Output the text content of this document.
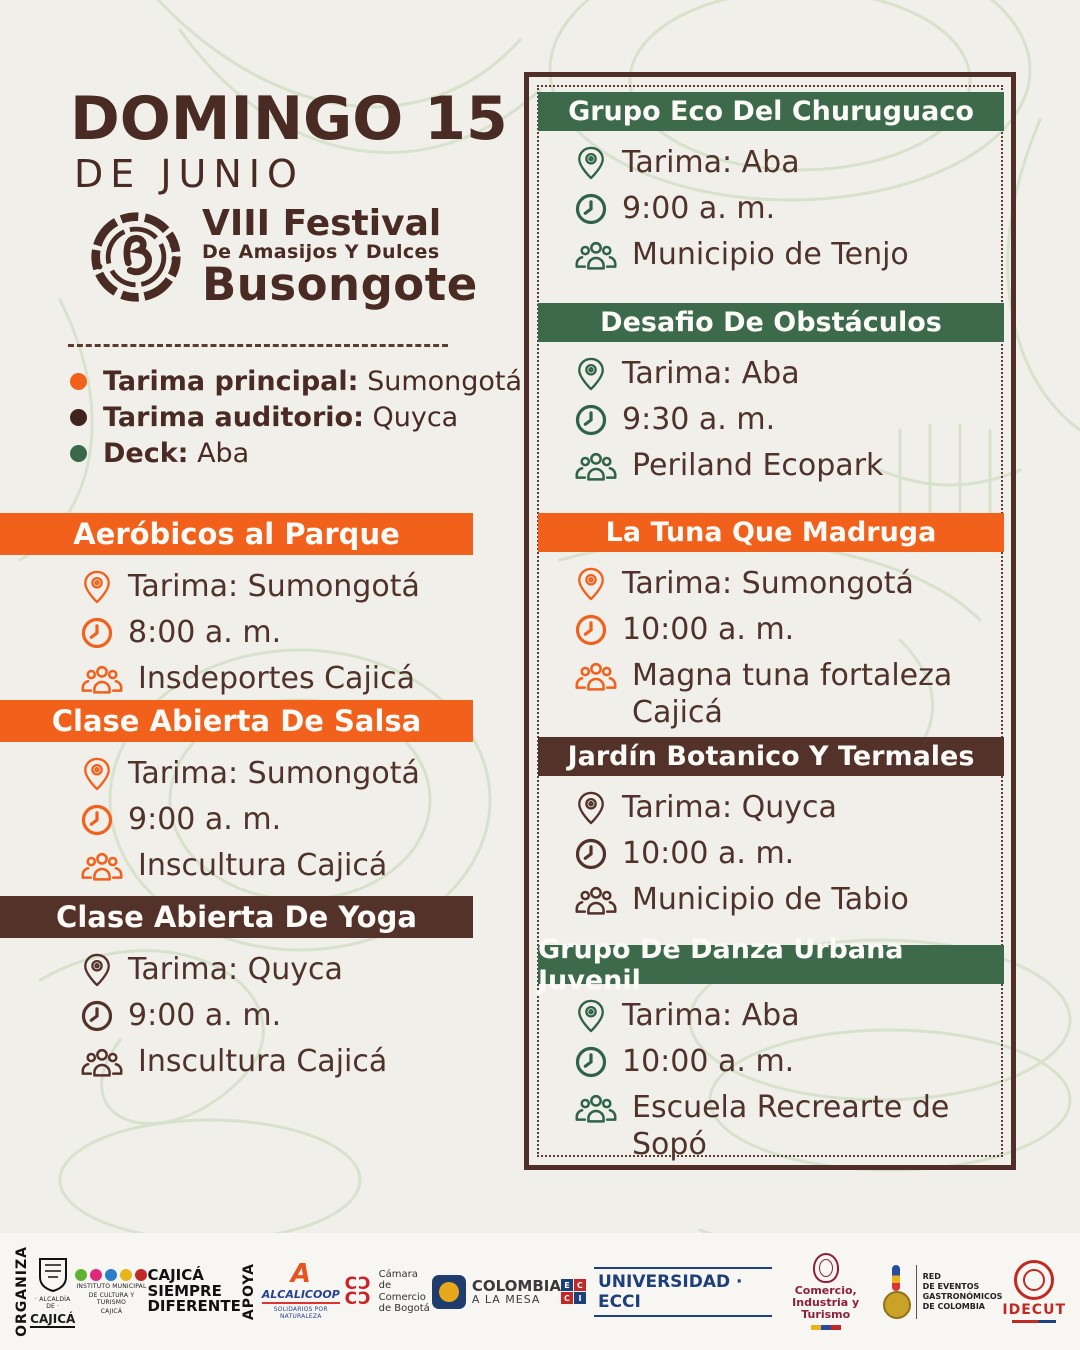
DOMINGO 15
DE JUNIO
VIII Festival
De Amasijos Y Dulces
Busongote
Tarima principal: Sumongotá
Tarima auditorio: Quyca
Deck: Aba
Aeróbicos al Parque
Tarima: Sumongotá
8:00 a. m.
Insdeportes Cajicá
Clase Abierta De Salsa
Tarima: Sumongotá
9:00 a. m.
Inscultura Cajicá
Clase Abierta De Yoga
Tarima: Quyca
9:00 a. m.
Inscultura Cajicá
Grupo Eco Del Churuguaco
Tarima: Aba
9:00 a. m.
Municipio de Tenjo
Desafio De Obstáculos
Tarima: Aba
9:30 a. m.
Periland Ecopark
La Tuna Que Madruga
Tarima: Sumongotá
10:00 a. m.
Magna tuna fortaleza Cajicá
Jardín Botanico Y Termales
Tarima: Quyca
10:00 a. m.
Municipio de Tabio
Grupo De Danza Urbana Juvenil
Tarima: Aba
10:00 a. m.
Escuela Recrearte de Sopó
ORGANIZA · ALCALDÍA DE ·
CAJICÁ
INSTITUTO MUNICIPAL
DE CULTURA Y TURISMO
CAJICÁ
CAJICÁ
SIEMPRE
DIFERENTE APOYA A
ALCALICOOP
SOLIDARIOS POR NATURALEZA
CƆ
CƆ
Cámara
de Comercio
de Bogotá
COLOMBIA
A LA MESA
E C
C	I
UNIVERSIDAD · ECCI
Comercio,
Industria y Turismo
RED
DE EVENTOS
GASTRONÓMICOS
DE COLOMBIA	IDECUT
